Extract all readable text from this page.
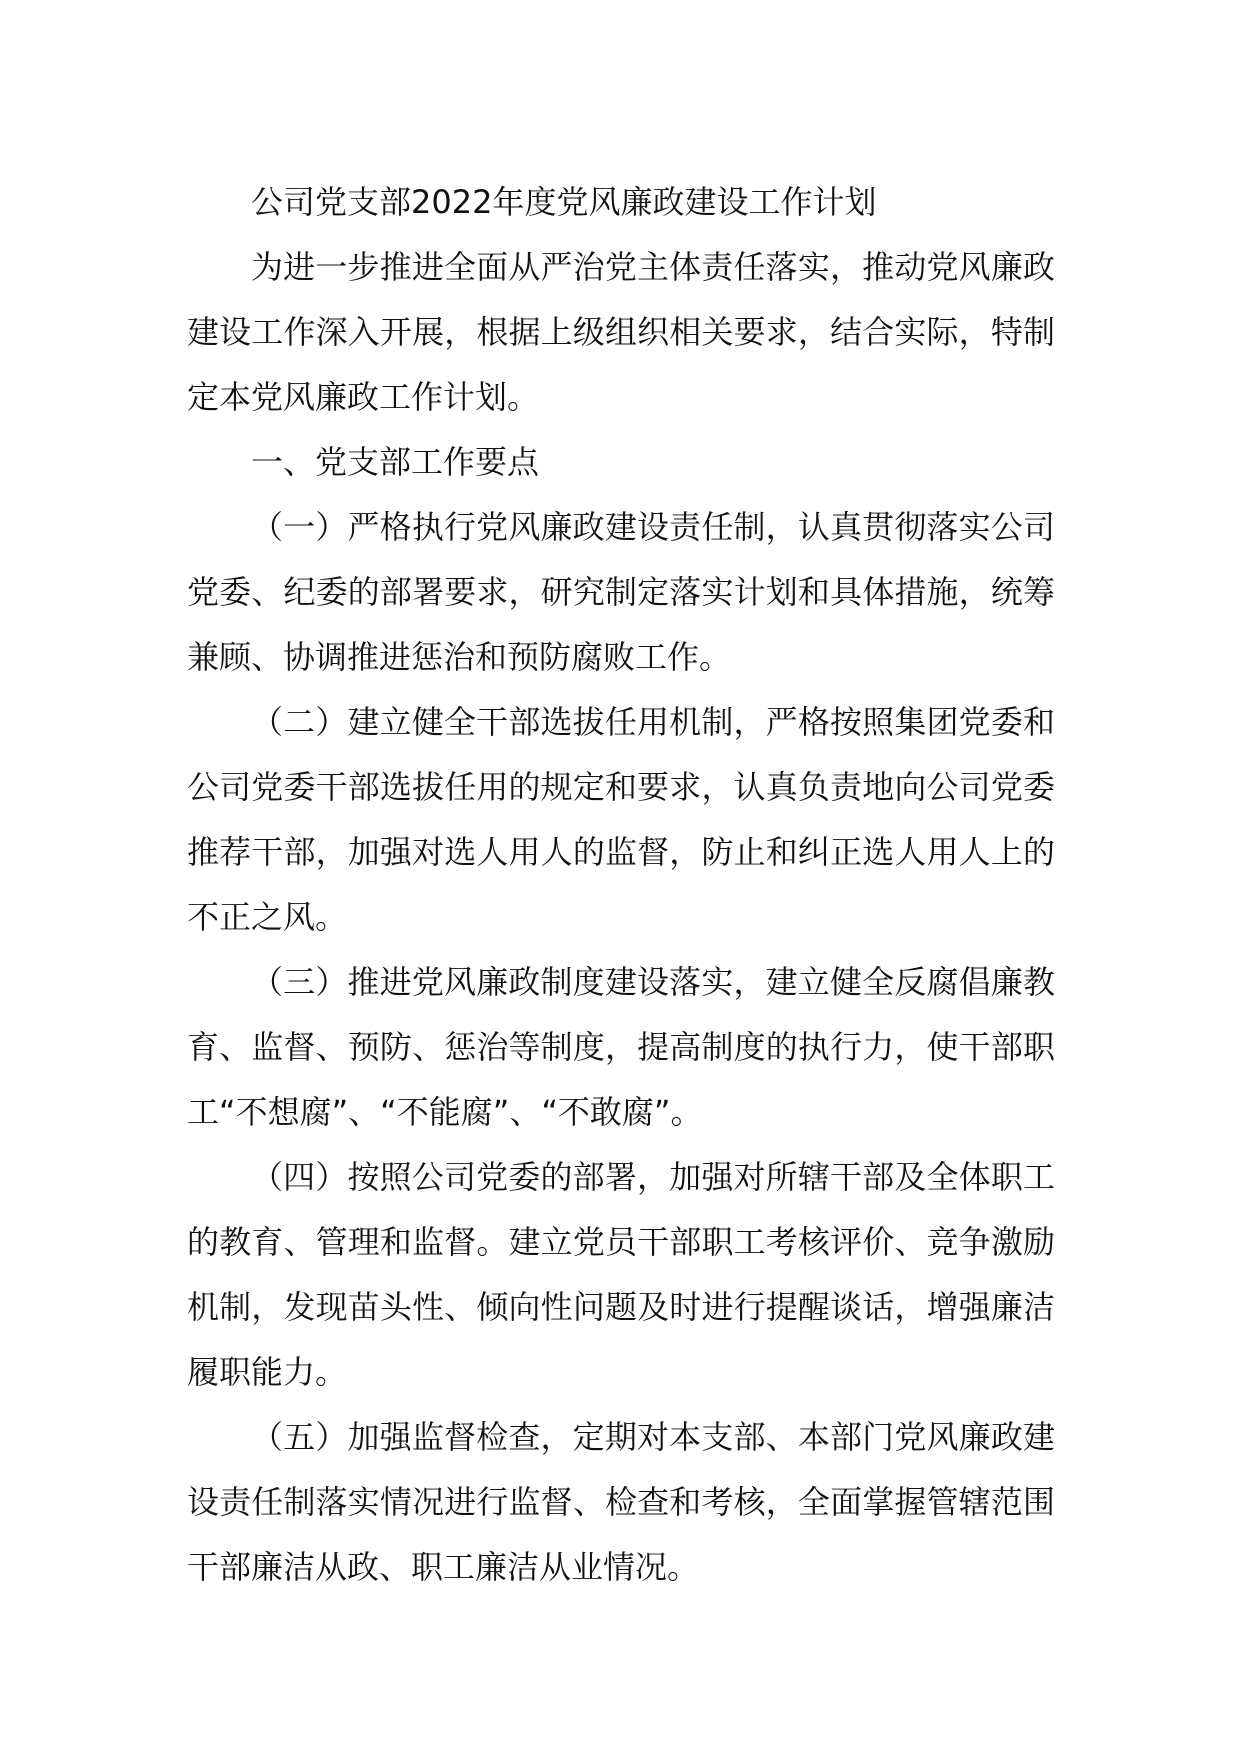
公司党支部2022年度党风廉政建设工作计划

为进一步推进全面从严治党主体责任落实，推动党风廉政建设工作深入开展，根据上级组织相关要求，结合实际，特制定本党风廉政工作计划。

一、党支部工作要点

（一）严格执行党风廉政建设责任制，认真贯彻落实公司党委、纪委的部署要求，研究制定落实计划和具体措施，统筹兼顾、协调推进惩治和预防腐败工作。

（二）建立健全干部选拔任用机制，严格按照集团党委和公司党委干部选拔任用的规定和要求，认真负责地向公司党委推荐干部，加强对选人用人的监督，防止和纠正选人用人上的不正之风。

（三）推进党风廉政制度建设落实，建立健全反腐倡廉教育、监督、预防、惩治等制度，提高制度的执行力，使干部职工“不想腐”、“不能腐”、“不敢腐”。

（四）按照公司党委的部署，加强对所辖干部及全体职工的教育、管理和监督。建立党员干部职工考核评价、竞争激励机制，发现苗头性、倾向性问题及时进行提醒谈话，增强廉洁履职能力。

（五）加强监督检查，定期对本支部、本部门党风廉政建设责任制落实情况进行监督、检查和考核，全面掌握管辖范围干部廉洁从政、职工廉洁从业情况。
